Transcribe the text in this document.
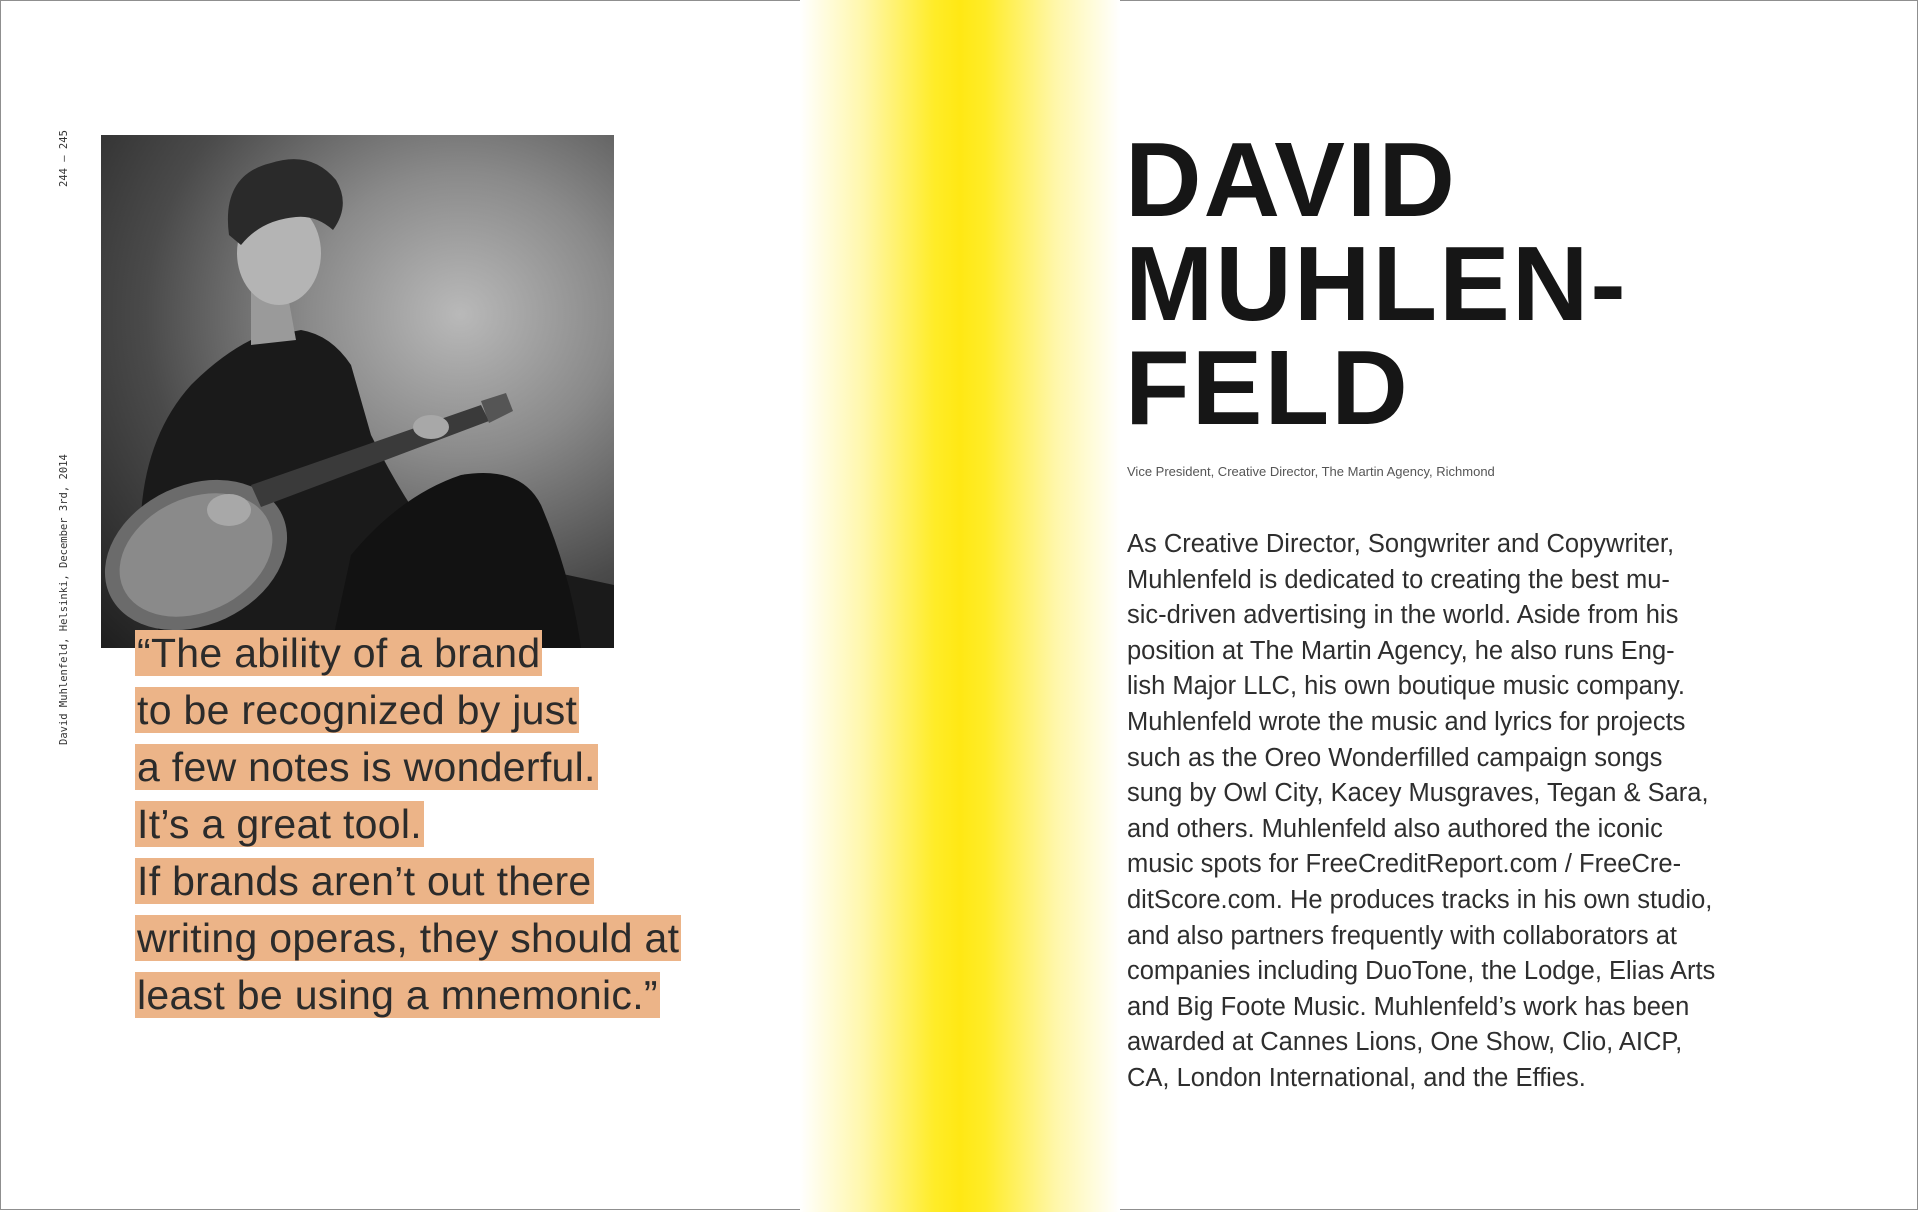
244 — 245
David Muhlenfeld, Helsinki, December 3rd, 2014 “The ability of a brand
to be recognized by just
a few notes is wonderful.
It’s a great tool.
If brands aren’t out there
writing operas, they should at
least be using a mnemonic.”
DAVID
MUHLEN-
FELD
Vice President, Creative Director, The Martin Agency, Richmond
As Creative Director, Songwriter and Copywriter,
Muhlenfeld is dedicated to creating the best mu-
sic-driven advertising in the world. Aside from his
position at The Martin Agency, he also runs Eng-
lish Major LLC, his own boutique music company.
Muhlenfeld wrote the music and lyrics for projects
such as the Oreo Wonderfilled campaign songs
sung by Owl City, Kacey Musgraves, Tegan & Sara,
and others. Muhlenfeld also authored the iconic
music spots for FreeCreditReport.com / FreeCre-
ditScore.com. He produces tracks in his own studio,
and also partners frequently with collaborators at
companies including DuoTone, the Lodge, Elias Arts
and Big Foote Music. Muhlenfeld’s work has been
awarded at Cannes Lions, One Show, Clio, AICP,
CA, London International, and the Effies.
